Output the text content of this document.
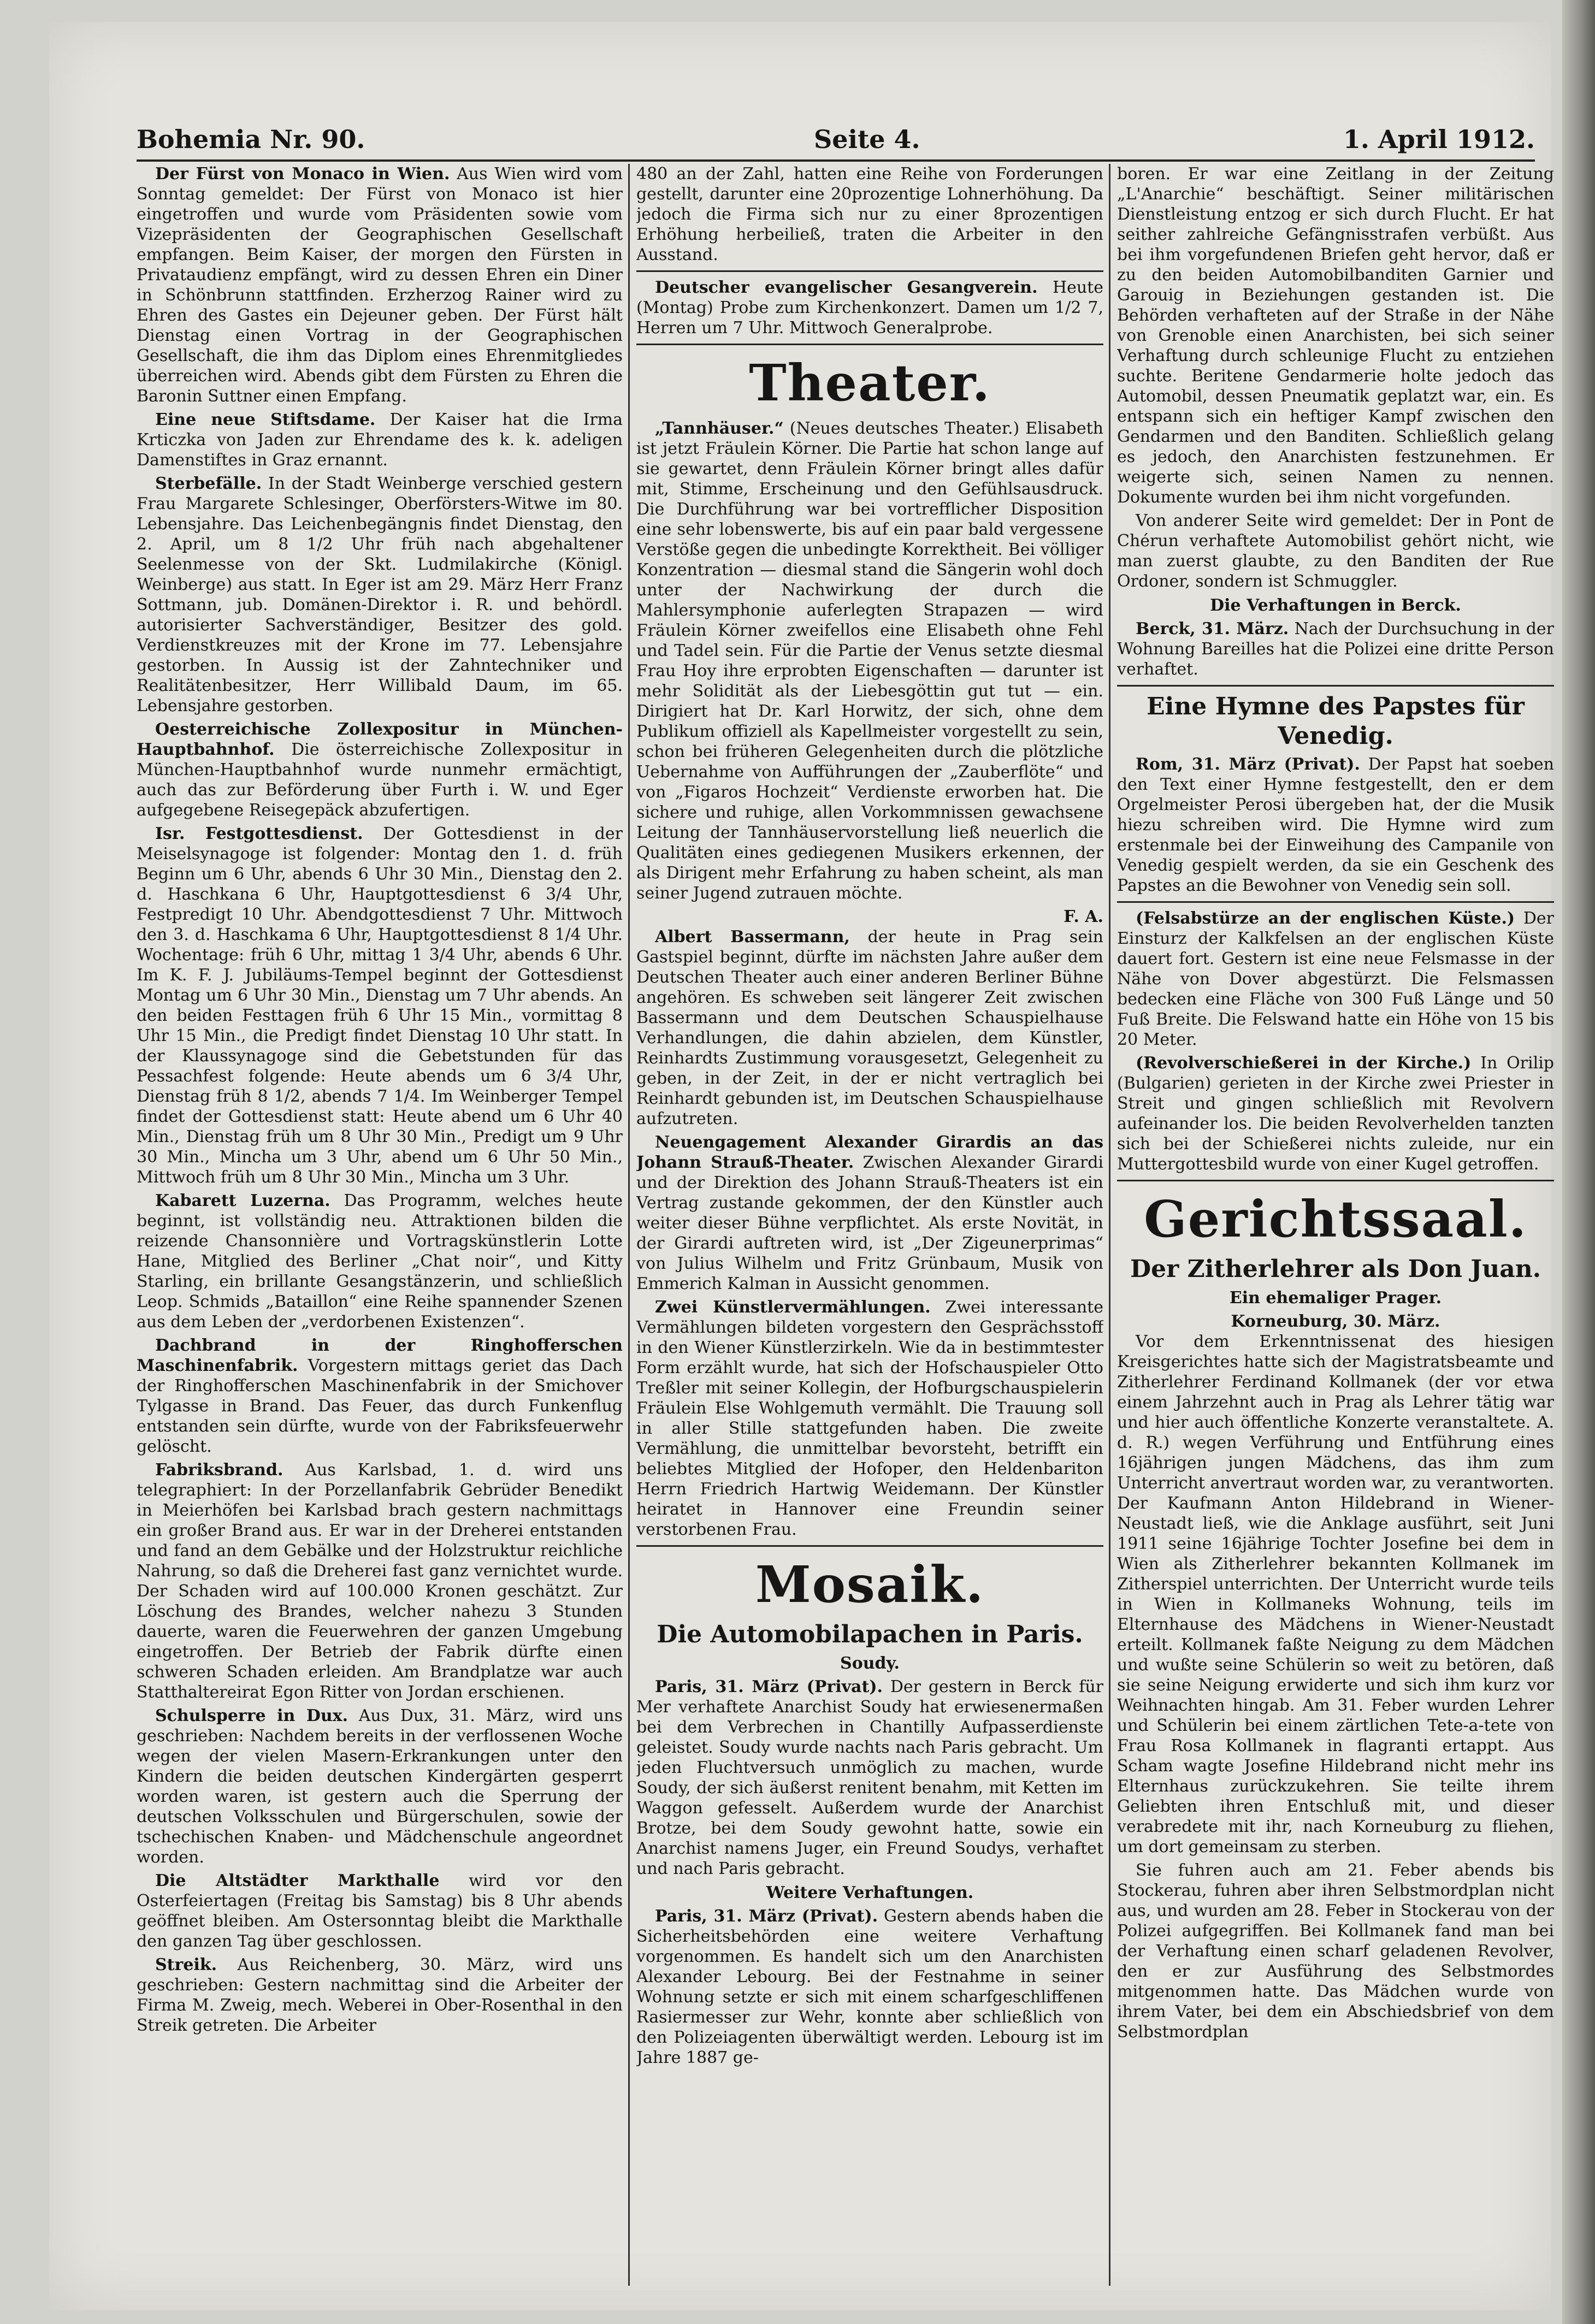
Bohemia Nr. 90.	Seite 4.	1. April 1912.

Der Fürst von Monaco in Wien. Aus Wien wird vom Sonntag gemeldet: Der Fürst von Monaco ist hier eingetroffen und wurde vom Präsidenten sowie vom Vizepräsidenten der Geographischen Gesellschaft empfangen. Beim Kaiser, der morgen den Fürsten in Privataudienz empfängt, wird zu dessen Ehren ein Diner in Schönbrunn stattfinden. Erzherzog Rainer wird zu Ehren des Gastes ein Dejeuner geben. Der Fürst hält Dienstag einen Vortrag in der Geographischen Gesellschaft, die ihm das Diplom eines Ehrenmitgliedes überreichen wird. Abends gibt dem Fürsten zu Ehren die Baronin Suttner einen Empfang.

Eine neue Stiftsdame. Der Kaiser hat die Irma Krticzka von Jaden zur Ehrendame des k. k. adeligen Damenstiftes in Graz ernannt.

Sterbefälle. In der Stadt Weinberge verschied gestern Frau Margarete Schlesinger, Oberförsters-Witwe im 80. Lebensjahre. Das Leichenbegängnis findet Dienstag, den 2. April, um 8 1/2 Uhr früh nach abgehaltener Seelenmesse von der Skt. Ludmilakirche (Königl. Weinberge) aus statt. In Eger ist am 29. März Herr Franz Sottmann, jub. Domänen-Direktor i. R. und behördl. autorisierter Sachverständiger, Besitzer des gold. Verdienstkreuzes mit der Krone im 77. Lebensjahre gestorben. In Aussig ist der Zahntechniker und Realitätenbesitzer, Herr Willibald Daum, im 65. Lebensjahre gestorben.

Oesterreichische Zollexpositur in München-Hauptbahnhof. Die österreichische Zollexpositur in München-Hauptbahnhof wurde nunmehr ermächtigt, auch das zur Beförderung über Furth i. W. und Eger aufgegebene Reisegepäck abzufertigen.

Isr. Festgottesdienst. Der Gottesdienst in der Meiselsynagoge ist folgender: Montag den 1. d. früh Beginn um 6 Uhr, abends 6 Uhr 30 Min., Dienstag den 2. d. Haschkana 6 Uhr, Hauptgottesdienst 6 3/4 Uhr, Festpredigt 10 Uhr. Abendgottesdienst 7 Uhr. Mittwoch den 3. d. Haschkama 6 Uhr, Hauptgottesdienst 8 1/4 Uhr. Wochentage: früh 6 Uhr, mittag 1 3/4 Uhr, abends 6 Uhr. Im K. F. J. Jubiläums-Tempel beginnt der Gottesdienst Montag um 6 Uhr 30 Min., Dienstag um 7 Uhr abends. An den beiden Festtagen früh 6 Uhr 15 Min., vormittag 8 Uhr 15 Min., die Predigt findet Dienstag 10 Uhr statt. In der Klaussynagoge sind die Gebetstunden für das Pessachfest folgende: Heute abends um 6 3/4 Uhr, Dienstag früh 8 1/2, abends 7 1/4. Im Weinberger Tempel findet der Gottesdienst statt: Heute abend um 6 Uhr 40 Min., Dienstag früh um 8 Uhr 30 Min., Predigt um 9 Uhr 30 Min., Mincha um 3 Uhr, abend um 6 Uhr 50 Min., Mittwoch früh um 8 Uhr 30 Min., Mincha um 3 Uhr.

Kabarett Luzerna. Das Programm, welches heute beginnt, ist vollständig neu. Attraktionen bilden die reizende Chansonnière und Vortragskünstlerin Lotte Hane, Mitglied des Berliner „Chat noir“, und Kitty Starling, ein brillante Gesangstänzerin, und schließlich Leop. Schmids „Bataillon“ eine Reihe spannender Szenen aus dem Leben der „verdorbenen Existenzen“.

Dachbrand in der Ringhofferschen Maschinenfabrik. Vorgestern mittags geriet das Dach der Ringhofferschen Maschinenfabrik in der Smichover Tylgasse in Brand. Das Feuer, das durch Funkenflug entstanden sein dürfte, wurde von der Fabriksfeuerwehr gelöscht.

Fabriksbrand. Aus Karlsbad, 1. d. wird uns telegraphiert: In der Porzellanfabrik Gebrüder Benedikt in Meierhöfen bei Karlsbad brach gestern nachmittags ein großer Brand aus. Er war in der Dreherei entstanden und fand an dem Gebälke und der Holzstruktur reichliche Nahrung, so daß die Dreherei fast ganz vernichtet wurde. Der Schaden wird auf 100.000 Kronen geschätzt. Zur Löschung des Brandes, welcher nahezu 3 Stunden dauerte, waren die Feuerwehren der ganzen Umgebung eingetroffen. Der Betrieb der Fabrik dürfte einen schweren Schaden erleiden. Am Brandplatze war auch Statthaltereirat Egon Ritter von Jordan erschienen.

Schulsperre in Dux. Aus Dux, 31. März, wird uns geschrieben: Nachdem bereits in der verflossenen Woche wegen der vielen Masern-Erkrankungen unter den Kindern die beiden deutschen Kindergärten gesperrt worden waren, ist gestern auch die Sperrung der deutschen Volksschulen und Bürgerschulen, sowie der tschechischen Knaben- und Mädchenschule angeordnet worden.

Die Altstädter Markthalle wird vor den Osterfeiertagen (Freitag bis Samstag) bis 8 Uhr abends geöffnet bleiben. Am Ostersonntag bleibt die Markthalle den ganzen Tag über geschlossen.

Streik. Aus Reichenberg, 30. März, wird uns geschrieben: Gestern nachmittag sind die Arbeiter der Firma M. Zweig, mech. Weberei in Ober-Rosenthal in den Streik getreten. Die Arbeiter

480 an der Zahl, hatten eine Reihe von Forderungen gestellt, darunter eine 20prozentige Lohnerhöhung. Da jedoch die Firma sich nur zu einer 8prozentigen Erhöhung herbeiließ, traten die Arbeiter in den Ausstand.

Deutscher evangelischer Gesangverein. Heute (Montag) Probe zum Kirchenkonzert. Damen um 1/2 7, Herren um 7 Uhr. Mittwoch Generalprobe.

Theater.

„Tannhäuser.“ (Neues deutsches Theater.) Elisabeth ist jetzt Fräulein Körner. Die Partie hat schon lange auf sie gewartet, denn Fräulein Körner bringt alles dafür mit, Stimme, Erscheinung und den Gefühlsausdruck. Die Durchführung war bei vortrefflicher Disposition eine sehr lobenswerte, bis auf ein paar bald vergessene Verstöße gegen die unbedingte Korrektheit. Bei völliger Konzentration — diesmal stand die Sängerin wohl doch unter der Nachwirkung der durch die Mahlersymphonie auferlegten Strapazen — wird Fräulein Körner zweifellos eine Elisabeth ohne Fehl und Tadel sein. Für die Partie der Venus setzte diesmal Frau Hoy ihre erprobten Eigenschaften — darunter ist mehr Solidität als der Liebesgöttin gut tut — ein. Dirigiert hat Dr. Karl Horwitz, der sich, ohne dem Publikum offiziell als Kapellmeister vorgestellt zu sein, schon bei früheren Gelegenheiten durch die plötzliche Uebernahme von Aufführungen der „Zauberflöte“ und von „Figaros Hochzeit“ Verdienste erworben hat. Die sichere und ruhige, allen Vorkommnissen gewachsene Leitung der Tannhäuservorstellung ließ neuerlich die Qualitäten eines gediegenen Musikers erkennen, der als Dirigent mehr Erfahrung zu haben scheint, als man seiner Jugend zutrauen möchte.

F. A.

Albert Bassermann, der heute in Prag sein Gastspiel beginnt, dürfte im nächsten Jahre außer dem Deutschen Theater auch einer anderen Berliner Bühne angehören. Es schweben seit längerer Zeit zwischen Bassermann und dem Deutschen Schauspielhause Verhandlungen, die dahin abzielen, dem Künstler, Reinhardts Zustimmung vorausgesetzt, Gelegenheit zu geben, in der Zeit, in der er nicht vertraglich bei Reinhardt gebunden ist, im Deutschen Schauspielhause aufzutreten.

Neuengagement Alexander Girardis an das Johann Strauß-Theater. Zwischen Alexander Girardi und der Direktion des Johann Strauß-Theaters ist ein Vertrag zustande gekommen, der den Künstler auch weiter dieser Bühne verpflichtet. Als erste Novität, in der Girardi auftreten wird, ist „Der Zigeunerprimas“ von Julius Wilhelm und Fritz Grünbaum, Musik von Emmerich Kalman in Aussicht genommen.

Zwei Künstlervermählungen. Zwei interessante Vermählungen bildeten vorgestern den Gesprächsstoff in den Wiener Künstlerzirkeln. Wie da in bestimmtester Form erzählt wurde, hat sich der Hofschauspieler Otto Treßler mit seiner Kollegin, der Hofburgschauspielerin Fräulein Else Wohlgemuth vermählt. Die Trauung soll in aller Stille stattgefunden haben. Die zweite Vermählung, die unmittelbar bevorsteht, betrifft ein beliebtes Mitglied der Hofoper, den Heldenbariton Herrn Friedrich Hartwig Weidemann. Der Künstler heiratet in Hannover eine Freundin seiner verstorbenen Frau.

Mosaik.
Die Automobilapachen in Paris.
Soudy.

Paris, 31. März (Privat). Der gestern in Berck für Mer verhaftete Anarchist Soudy hat erwiesenermaßen bei dem Verbrechen in Chantilly Aufpasserdienste geleistet. Soudy wurde nachts nach Paris gebracht. Um jeden Fluchtversuch unmöglich zu machen, wurde Soudy, der sich äußerst renitent benahm, mit Ketten im Waggon gefesselt. Außerdem wurde der Anarchist Brotze, bei dem Soudy gewohnt hatte, sowie ein Anarchist namens Juger, ein Freund Soudys, verhaftet und nach Paris gebracht.

Weitere Verhaftungen.

Paris, 31. März (Privat). Gestern abends haben die Sicherheitsbehörden eine weitere Verhaftung vorgenommen. Es handelt sich um den Anarchisten Alexander Lebourg. Bei der Festnahme in seiner Wohnung setzte er sich mit einem scharfgeschliffenen Rasiermesser zur Wehr, konnte aber schließlich von den Polizeiagenten überwältigt werden. Lebourg ist im Jahre 1887 ge-

boren. Er war eine Zeitlang in der Zeitung „L'Anarchie“ beschäftigt. Seiner militärischen Dienstleistung entzog er sich durch Flucht. Er hat seither zahlreiche Gefängnisstrafen verbüßt. Aus bei ihm vorgefundenen Briefen geht hervor, daß er zu den beiden Automobilbanditen Garnier und Garouig in Beziehungen gestanden ist. Die Behörden verhafteten auf der Straße in der Nähe von Grenoble einen Anarchisten, bei sich seiner Verhaftung durch schleunige Flucht zu entziehen suchte. Beritene Gendarmerie holte jedoch das Automobil, dessen Pneumatik geplatzt war, ein. Es entspann sich ein heftiger Kampf zwischen den Gendarmen und den Banditen. Schließlich gelang es jedoch, den Anarchisten festzunehmen. Er weigerte sich, seinen Namen zu nennen. Dokumente wurden bei ihm nicht vorgefunden.

Von anderer Seite wird gemeldet: Der in Pont de Chérun verhaftete Automobilist gehört nicht, wie man zuerst glaubte, zu den Banditen der Rue Ordoner, sondern ist Schmuggler.

Die Verhaftungen in Berck.

Berck, 31. März. Nach der Durchsuchung in der Wohnung Bareilles hat die Polizei eine dritte Person verhaftet.

Eine Hymne des Papstes für Venedig.

Rom, 31. März (Privat). Der Papst hat soeben den Text einer Hymne festgestellt, den er dem Orgelmeister Perosi übergeben hat, der die Musik hiezu schreiben wird. Die Hymne wird zum erstenmale bei der Einweihung des Campanile von Venedig gespielt werden, da sie ein Geschenk des Papstes an die Bewohner von Venedig sein soll.

(Felsabstürze an der englischen Küste.) Der Einsturz der Kalkfelsen an der englischen Küste dauert fort. Gestern ist eine neue Felsmasse in der Nähe von Dover abgestürzt. Die Felsmassen bedecken eine Fläche von 300 Fuß Länge und 50 Fuß Breite. Die Felswand hatte ein Höhe von 15 bis 20 Meter.

(Revolverschießerei in der Kirche.) In Orilip (Bulgarien) gerieten in der Kirche zwei Priester in Streit und gingen schließlich mit Revolvern aufeinander los. Die beiden Revolverhelden tanzten sich bei der Schießerei nichts zuleide, nur ein Muttergottesbild wurde von einer Kugel getroffen.

Gerichtssaal.
Der Zitherlehrer als Don Juan.
Ein ehemaliger Prager.
Korneuburg, 30. März.

Vor dem Erkenntnissenat des hiesigen Kreisgerichtes hatte sich der Magistratsbeamte und Zitherlehrer Ferdinand Kollmanek (der vor etwa einem Jahrzehnt auch in Prag als Lehrer tätig war und hier auch öffentliche Konzerte veranstaltete. A. d. R.) wegen Verführung und Entführung eines 16jährigen jungen Mädchens, das ihm zum Unterricht anvertraut worden war, zu verantworten. Der Kaufmann Anton Hildebrand in Wiener-Neustadt ließ, wie die Anklage ausführt, seit Juni 1911 seine 16jährige Tochter Josefine bei dem in Wien als Zitherlehrer bekannten Kollmanek im Zitherspiel unterrichten. Der Unterricht wurde teils in Wien in Kollmaneks Wohnung, teils im Elternhause des Mädchens in Wiener-Neustadt erteilt. Kollmanek faßte Neigung zu dem Mädchen und wußte seine Schülerin so weit zu betören, daß sie seine Neigung erwiderte und sich ihm kurz vor Weihnachten hingab. Am 31. Feber wurden Lehrer und Schülerin bei einem zärtlichen Tete-a-tete von Frau Rosa Kollmanek in flagranti ertappt. Aus Scham wagte Josefine Hildebrand nicht mehr ins Elternhaus zurückzukehren. Sie teilte ihrem Geliebten ihren Entschluß mit, und dieser verabredete mit ihr, nach Korneuburg zu fliehen, um dort gemeinsam zu sterben.

Sie fuhren auch am 21. Feber abends bis Stockerau, fuhren aber ihren Selbstmordplan nicht aus, und wurden am 28. Feber in Stockerau von der Polizei aufgegriffen. Bei Kollmanek fand man bei der Verhaftung einen scharf geladenen Revolver, den er zur Ausführung des Selbstmordes mitgenommen hatte. Das Mädchen wurde von ihrem Vater, bei dem ein Abschiedsbrief von dem Selbstmordplan
